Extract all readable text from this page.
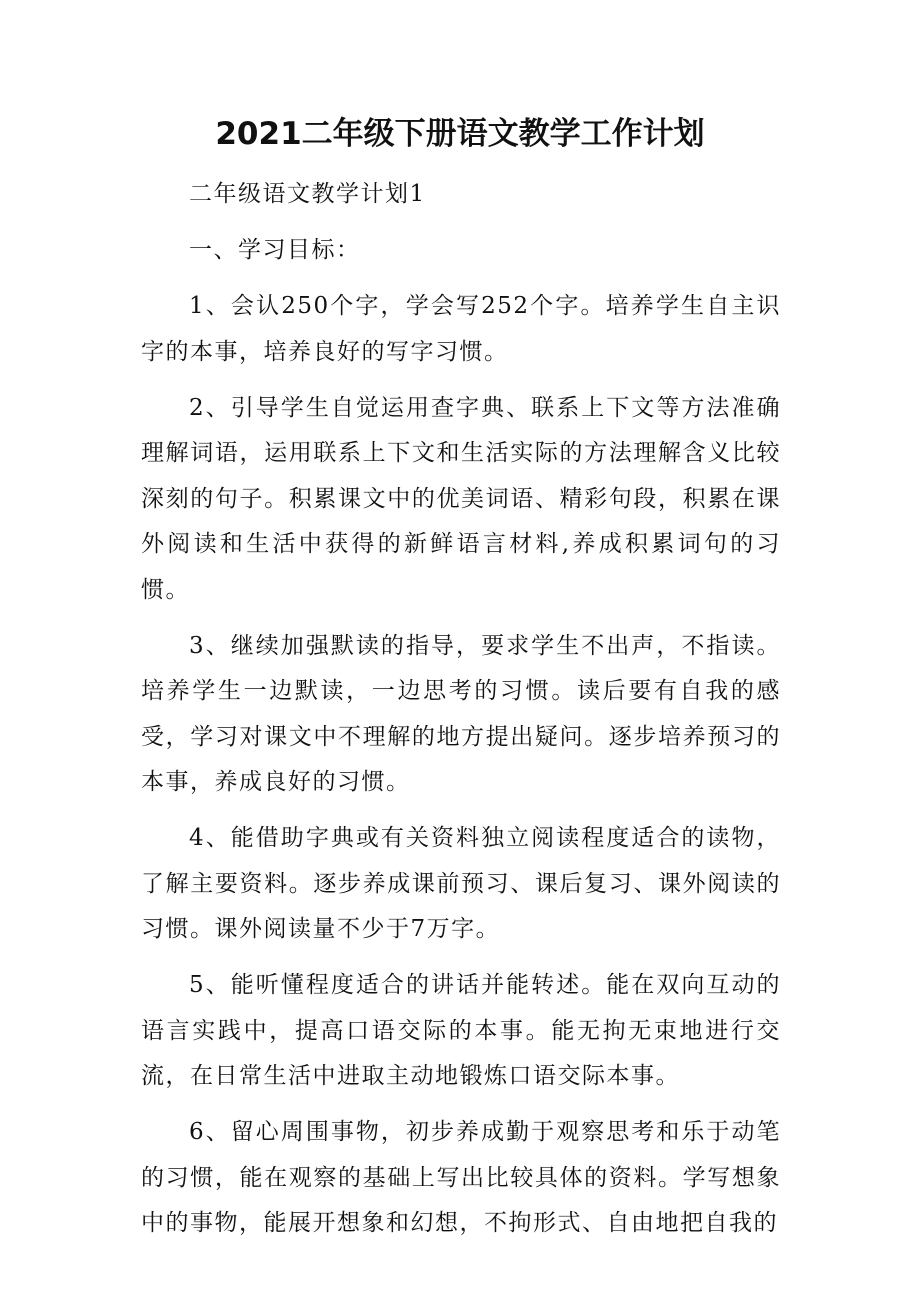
2021二年级下册语文教学工作计划

二年级语文教学计划1

一、学习目标：

1、会认250个字，学会写252个字。培养学生自主识字的本事，培养良好的写字习惯。

2、引导学生自觉运用查字典、联系上下文等方法准确理解词语，运用联系上下文和生活实际的方法理解含义比较深刻的句子。积累课文中的优美词语、精彩句段，积累在课外阅读和生活中获得的新鲜语言材料,养成积累词句的习惯。

3、继续加强默读的指导，要求学生不出声，不指读。培养学生一边默读，一边思考的习惯。读后要有自我的感受，学习对课文中不理解的地方提出疑问。逐步培养预习的本事，养成良好的习惯。

4、能借助字典或有关资料独立阅读程度适合的读物，了解主要资料。逐步养成课前预习、课后复习、课外阅读的习惯。课外阅读量不少于7万字。

5、能听懂程度适合的讲话并能转述。能在双向互动的语言实践中，提高口语交际的本事。能无拘无束地进行交流，在日常生活中进取主动地锻炼口语交际本事。

6、留心周围事物，初步养成勤于观察思考和乐于动笔的习惯，能在观察的基础上写出比较具体的资料。学写想象中的事物，能展开想象和幻想，不拘形式、自由地把自我的
